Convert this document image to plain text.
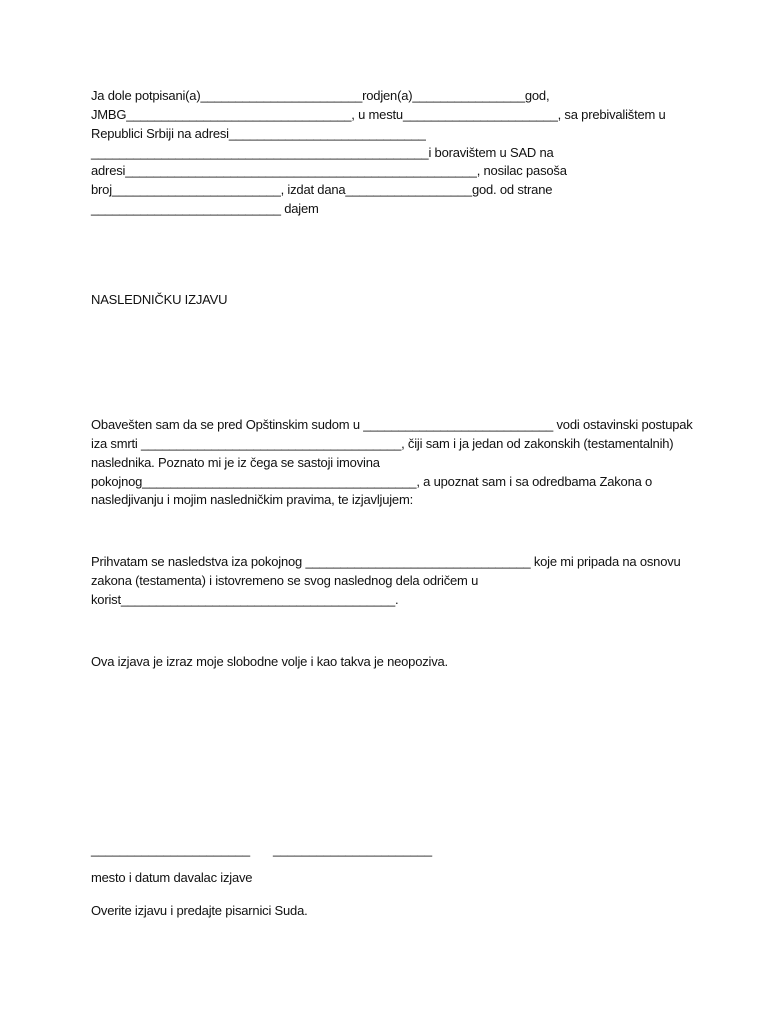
Ja dole potpisani(a)_______________________rodjen(a)________________god,
JMBG________________________________, u mestu______________________, sa prebivalištem u
Republici Srbiji na adresi____________________________
________________________________________________i boravištem u SAD na
adresi__________________________________________________, nosilac pasoša
broj________________________, izdat dana__________________god. od strane
___________________________ dajem
NASLEDNIČKU IZJAVU
Obavešten sam da se pred Opštinskim sudom u ___________________________ vodi ostavinski postupak
iza smrti _____________________________________, čiji sam i ja jedan od zakonskih (testamentalnih)
naslednika. Poznato mi je iz čega se sastoji imovina
pokojnog_______________________________________, a upoznat sam i sa odredbama Zakona o
nasledjivanju i mojim nasledničkim pravima, te izjavljujem:
Prihvatam se nasledstva iza pokojnog ________________________________ koje mi pripada na osnovu
zakona (testamenta) i istovremeno se svog naslednog dela odričem u
korist_______________________________________.
Ova izjava je izraz moje slobodne volje i kao takva je neopoziva.
______________________ ______________________
mesto i datum davalac izjave
Overite izjavu i predajte pisarnici Suda.
